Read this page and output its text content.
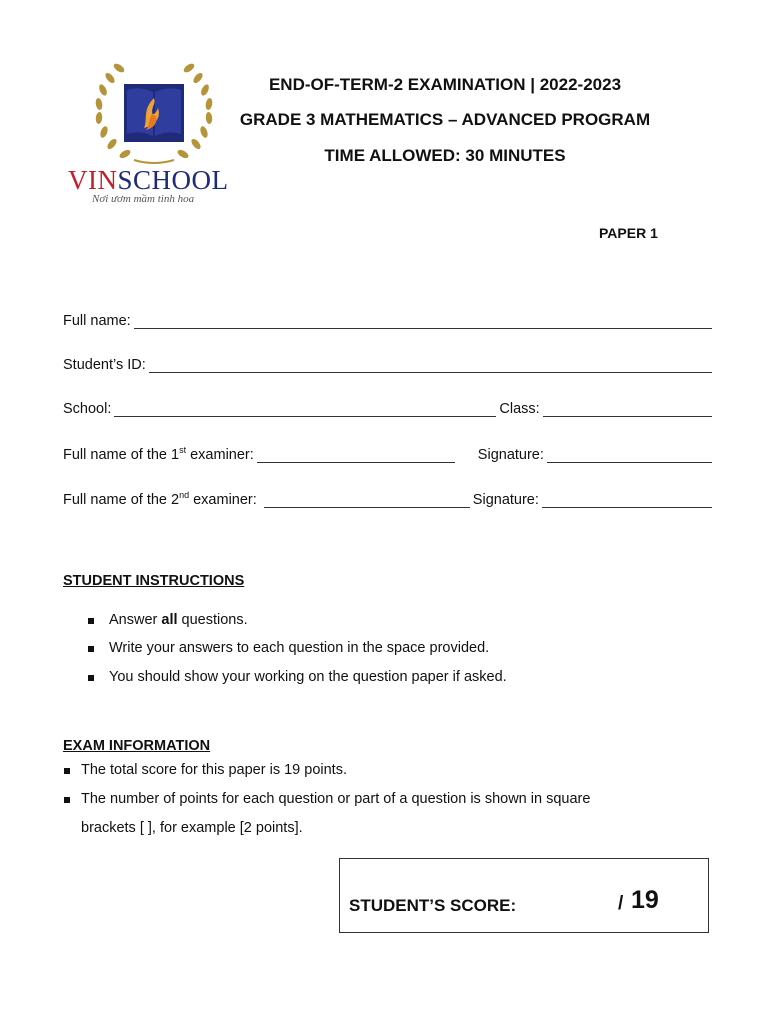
VINSCHOOL
Nơi ươm mầm tinh hoa
END-OF-TERM-2 EXAMINATION | 2022-2023
GRADE 3 MATHEMATICS – ADVANCED PROGRAM
TIME ALLOWED: 30 MINUTES
PAPER 1
Full name:
Student’s ID:
School:	Class:
Full name of the 1st examiner:	Signature:
Full name of the 2nd examiner:	Signature:
STUDENT INSTRUCTIONS
Answer all questions.
Write your answers to each question in the space provided.
You should show your working on the question paper if asked.
EXAM INFORMATION
The total score for this paper is 19 points.
The number of points for each question or part of a question is shown in square
brackets [ ], for example [2 points].
STUDENT’S SCORE:	/ 19
